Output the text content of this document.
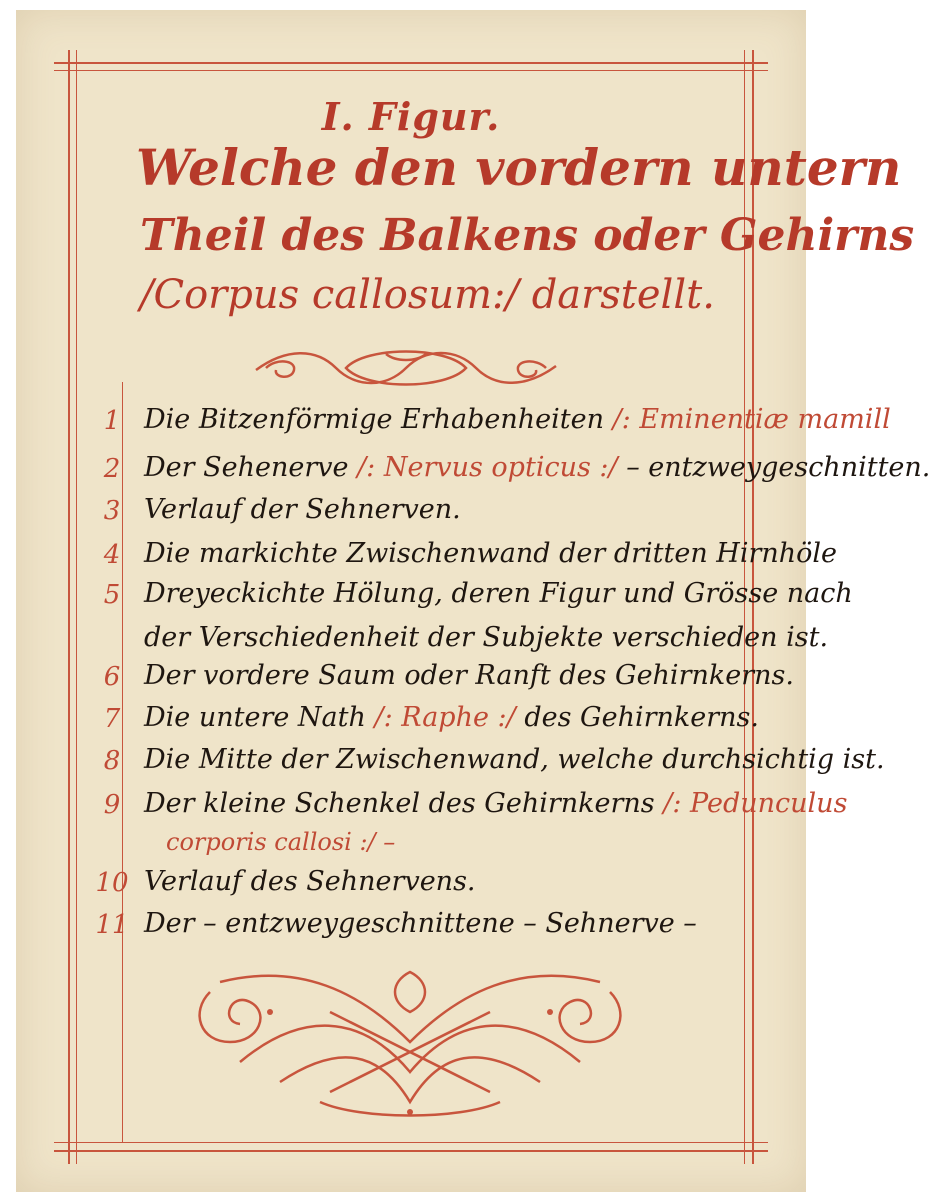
I. Figur.
Welche den vordern untern
Theil des Balkens oder Gehirns
/Corpus callosum:/ darstellt.
1 Die Bitzenförmige Erhabenheiten /: Eminentiæ mamill
2 Der Sehenerve /: Nervus opticus :/ – entzweygeschnitten.
3 Verlauf der Sehnerven.
4 Die markichte Zwischenwand der dritten Hirnhöle
5 Dreyeckichte Hölung, deren Figur und Grösse nach
der Verschiedenheit der Subjekte verschieden ist.
6 Der vordere Saum oder Ranft des Gehirnkerns.
7 Die untere Nath /: Raphe :/ des Gehirnkerns.
8 Die Mitte der Zwischenwand, welche durchsichtig ist.
9 Der kleine Schenkel des Gehirnkerns /: Pedunculus
corporis callosi :/ –
10 Verlauf des Sehnervens.
11 Der – entzweygeschnittene – Sehnerve –
